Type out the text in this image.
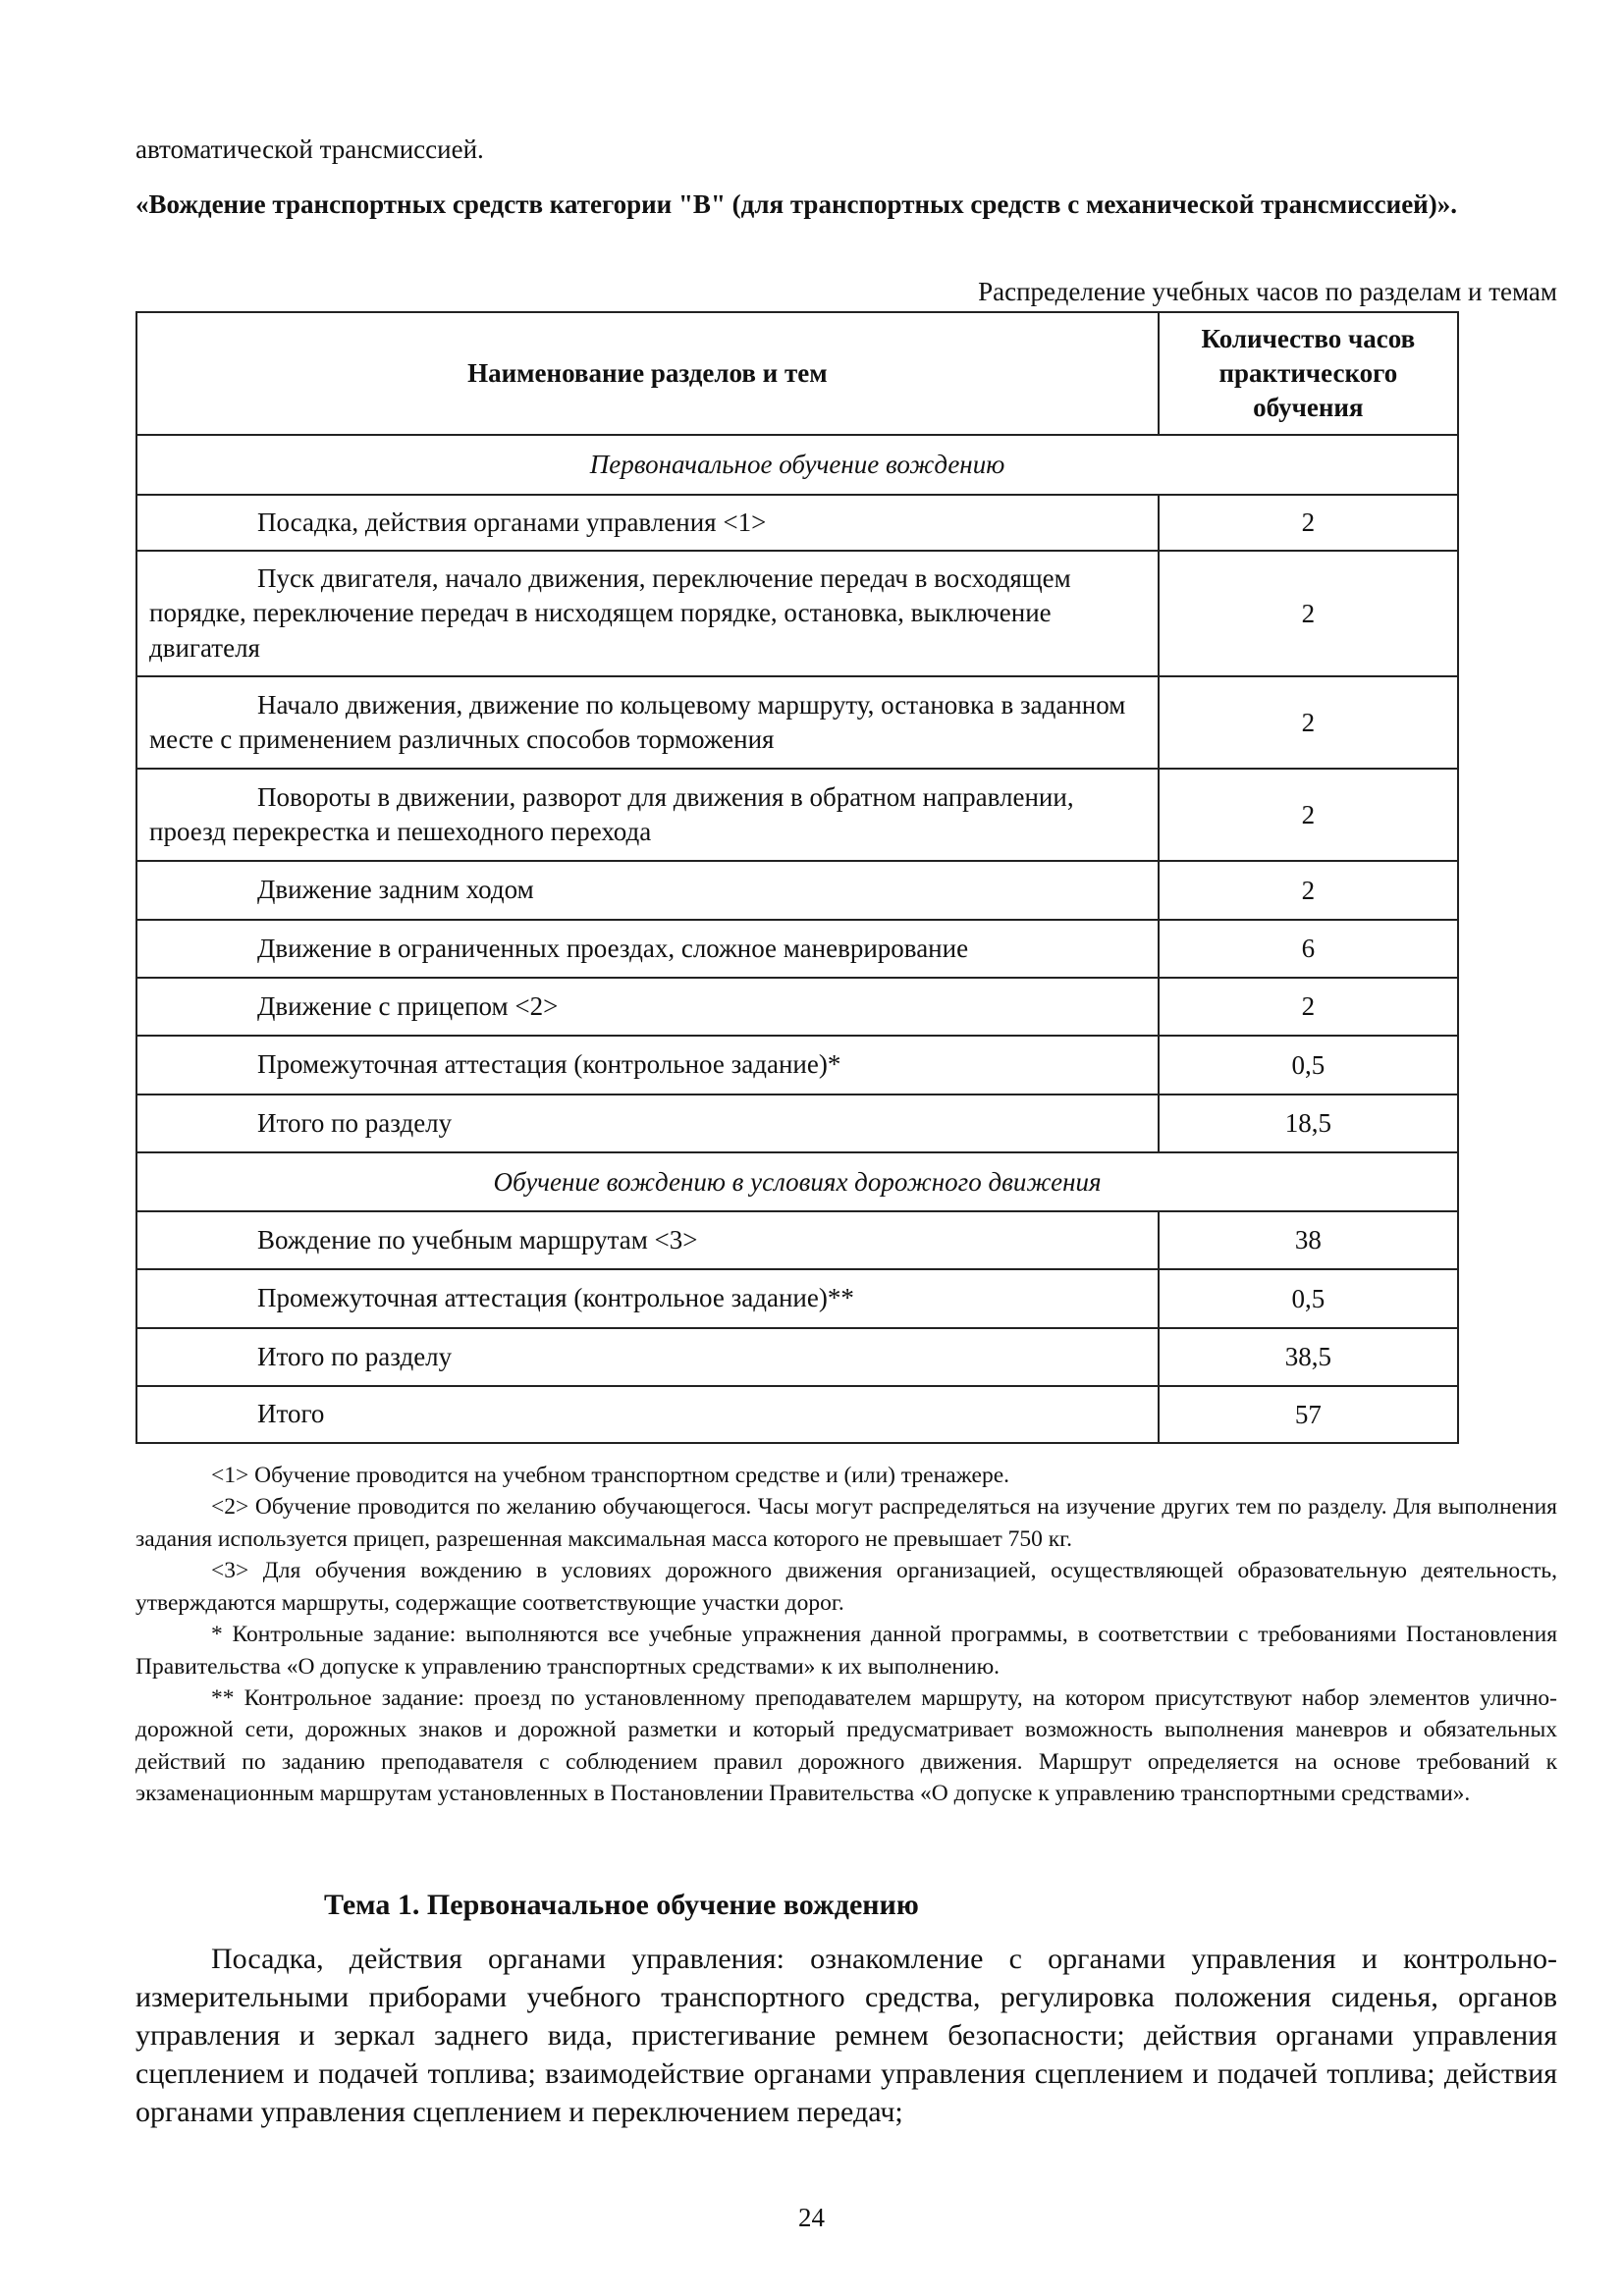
автоматической трансмиссией.
«Вождение транспортных средств категории "B" (для транспортных средств с механической трансмиссией)».
Распределение учебных часов по разделам и темам
Наименование разделов и тем	Количество часов практического обучения
Первоначальное обучение вождению	
Посадка, действия органами управления <1>	2
Пуск двигателя, начало движения, переключение передач в восходящем порядке, переключение передач в нисходящем порядке, остановка, выключение двигателя	2
Начало движения, движение по кольцевому маршруту, остановка в заданном месте с применением различных способов торможения	2
Повороты в движении, разворот для движения в обратном направлении, проезд перекрестка и пешеходного перехода	2
Движение задним ходом	2
Движение в ограниченных проездах, сложное маневрирование	6
Движение с прицепом <2>	2
Промежуточная аттестация (контрольное задание)*	0,5
Итого по разделу	18,5
Обучение вождению в условиях дорожного движения	
Вождение по учебным маршрутам <3>	38
Промежуточная аттестация (контрольное задание)**	0,5
Итого по разделу	38,5
Итого	57

<1> Обучение проводится на учебном транспортном средстве и (или) тренажере.

<2> Обучение проводится по желанию обучающегося. Часы могут распределяться на изучение других тем по разделу. Для выполнения задания используется прицеп, разрешенная максимальная масса которого не превышает 750 кг.

<3> Для обучения вождению в условиях дорожного движения организацией, осуществляющей образовательную деятельность, утверждаются маршруты, содержащие соответствующие участки дорог.

* Контрольные задание: выполняются все учебные упражнения данной программы, в соответствии с требованиями Постановления Правительства «О допуске к управлению транспортных средствами» к их выполнению.

** Контрольное задание: проезд по установленному преподавателем маршруту, на котором присутствуют набор элементов улично-дорожной сети, дорожных знаков и дорожной разметки и который предусматривает возможность выполнения маневров и обязательных действий по заданию преподавателя с соблюдением правил дорожного движения. Маршрут определяется на основе требований к экзаменационным маршрутам установленных в Постановлении Правительства «О допуске к управлению транспортными средствами».

Тема 1. Первоначальное обучение вождению

Посадка, действия органами управления: ознакомление с органами управления и контрольно-измерительными приборами учебного транспортного средства, регулировка положения сиденья, органов управления и зеркал заднего вида, пристегивание ремнем безопасности; действия органами управления сцеплением и подачей топлива; взаимодействие органами управления сцеплением и подачей топлива; действия органами управления сцеплением и переключением передач;

24
